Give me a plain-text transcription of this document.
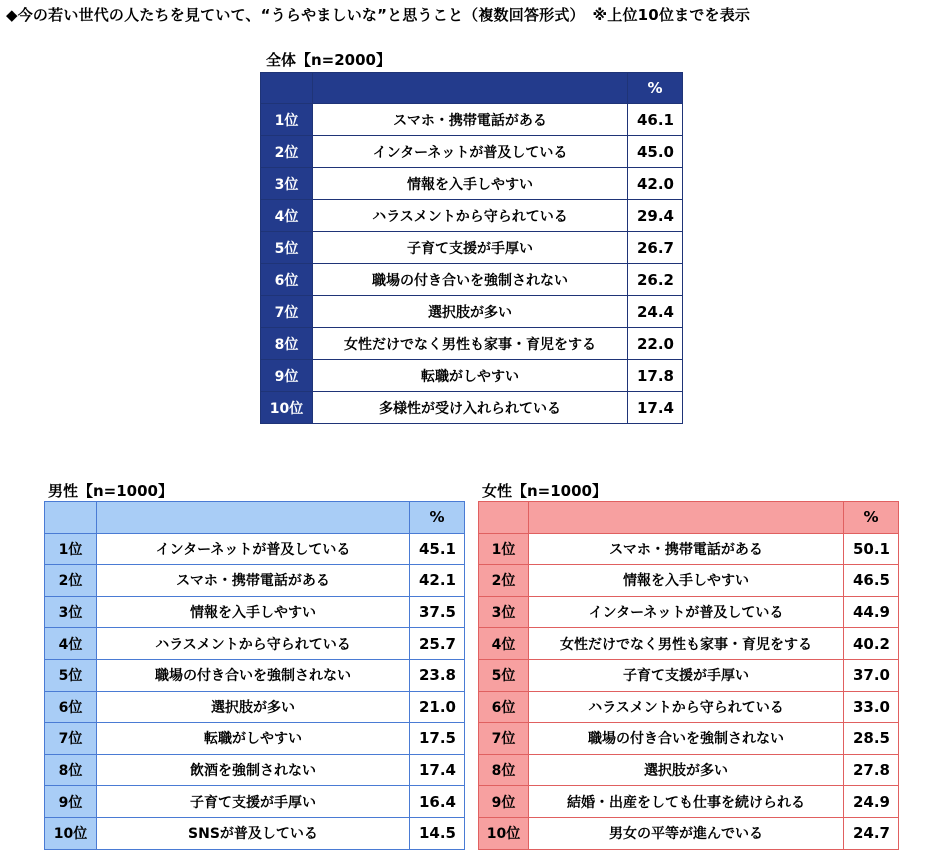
◆今の若い世代の人たちを見ていて、“うらやましいな”と思うこと（複数回答形式）　※上位10位までを表示
全体【n=2000】
		%
1位	スマホ・携帯電話がある	46.1
2位	インターネットが普及している	45.0
3位	情報を入手しやすい	42.0
4位	ハラスメントから守られている	29.4
5位	子育て支援が手厚い	26.7
6位	職場の付き合いを強制されない	26.2
7位	選択肢が多い	24.4
8位	女性だけでなく男性も家事・育児をする	22.0
9位	転職がしやすい	17.8
10位	多様性が受け入れられている	17.4
男性【n=1000】
		%
1位	インターネットが普及している	45.1
2位	スマホ・携帯電話がある	42.1
3位	情報を入手しやすい	37.5
4位	ハラスメントから守られている	25.7
5位	職場の付き合いを強制されない	23.8
6位	選択肢が多い	21.0
7位	転職がしやすい	17.5
8位	飲酒を強制されない	17.4
9位	子育て支援が手厚い	16.4
10位	SNSが普及している	14.5
女性【n=1000】
		%
1位	スマホ・携帯電話がある	50.1
2位	情報を入手しやすい	46.5
3位	インターネットが普及している	44.9
4位	女性だけでなく男性も家事・育児をする	40.2
5位	子育て支援が手厚い	37.0
6位	ハラスメントから守られている	33.0
7位	職場の付き合いを強制されない	28.5
8位	選択肢が多い	27.8
9位	結婚・出産をしても仕事を続けられる	24.9
10位	男女の平等が進んでいる	24.7
